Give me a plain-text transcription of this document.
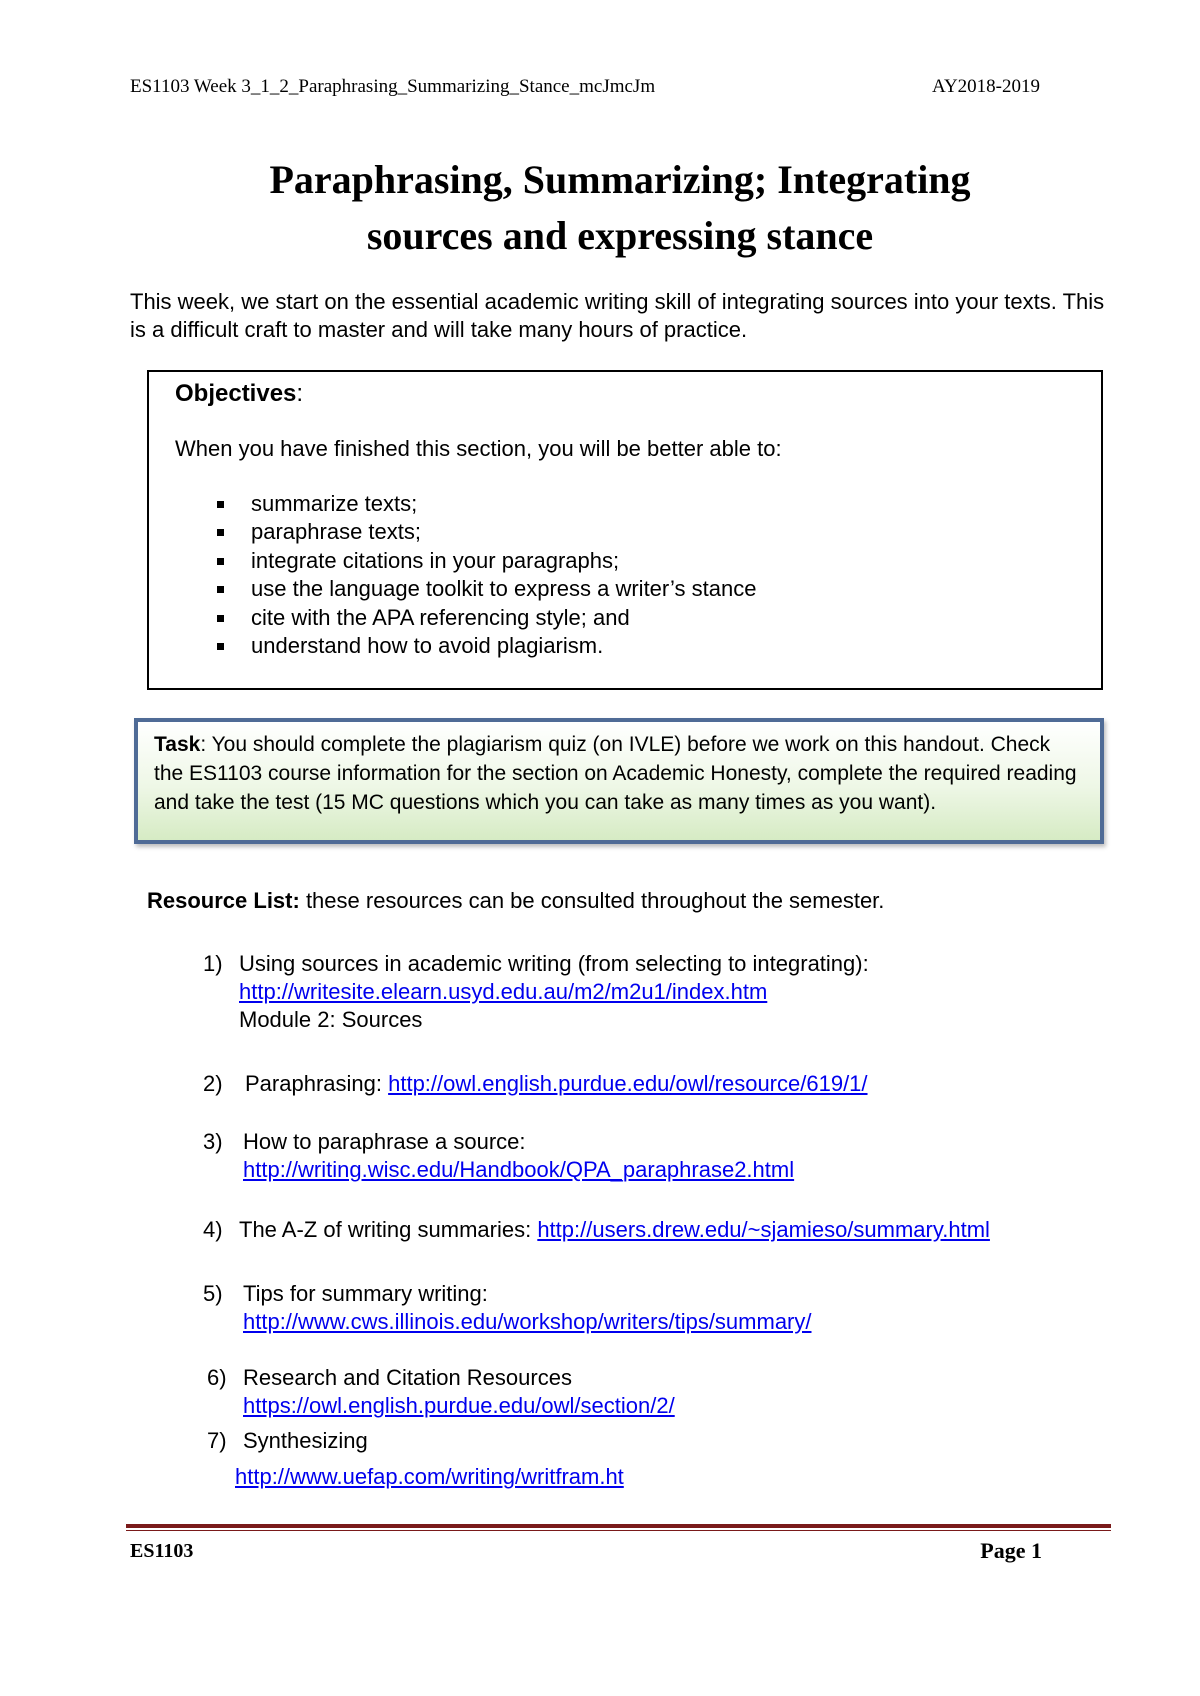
ES1103 Week 3_1_2_Paraphrasing_Summarizing_Stance_mcJmcJm	AY2018-2019
Paraphrasing, Summarizing; Integrating
sources and expressing stance
This week, we start on the essential academic writing skill of integrating sources into your texts. This is a difficult craft to master and will take many hours of practice.
Objectives:
When you have finished this section, you will be better able to:
summarize texts;
paraphrase texts;
integrate citations in your paragraphs;
use the language toolkit to express a writer’s stance
cite with the APA referencing style; and
understand how to avoid plagiarism.
Task: You should complete the plagiarism quiz (on IVLE) before we work on this handout. Check the ES1103 course information for the section on Academic Honesty, complete the required reading and take the test (15 MC questions which you can take as many times as you want).
Resource List: these resources can be consulted throughout the semester.
1) Using sources in academic writing (from selecting to integrating):
http://writesite.elearn.usyd.edu.au/m2/m2u1/index.htm
Module 2: Sources
2)	Paraphrasing: http://owl.english.purdue.edu/owl/resource/619/1/
3) How to paraphrase a source:
http://writing.wisc.edu/Handbook/QPA_paraphrase2.html
4) The A-Z of writing summaries: http://users.drew.edu/~sjamieso/summary.html
5) Tips for summary writing:
http://www.cws.illinois.edu/workshop/writers/tips/summary/
6) Research and Citation Resources
https://owl.english.purdue.edu/owl/section/2/
7) Synthesizing
http://www.uefap.com/writing/writfram.ht
ES1103	Page 1
